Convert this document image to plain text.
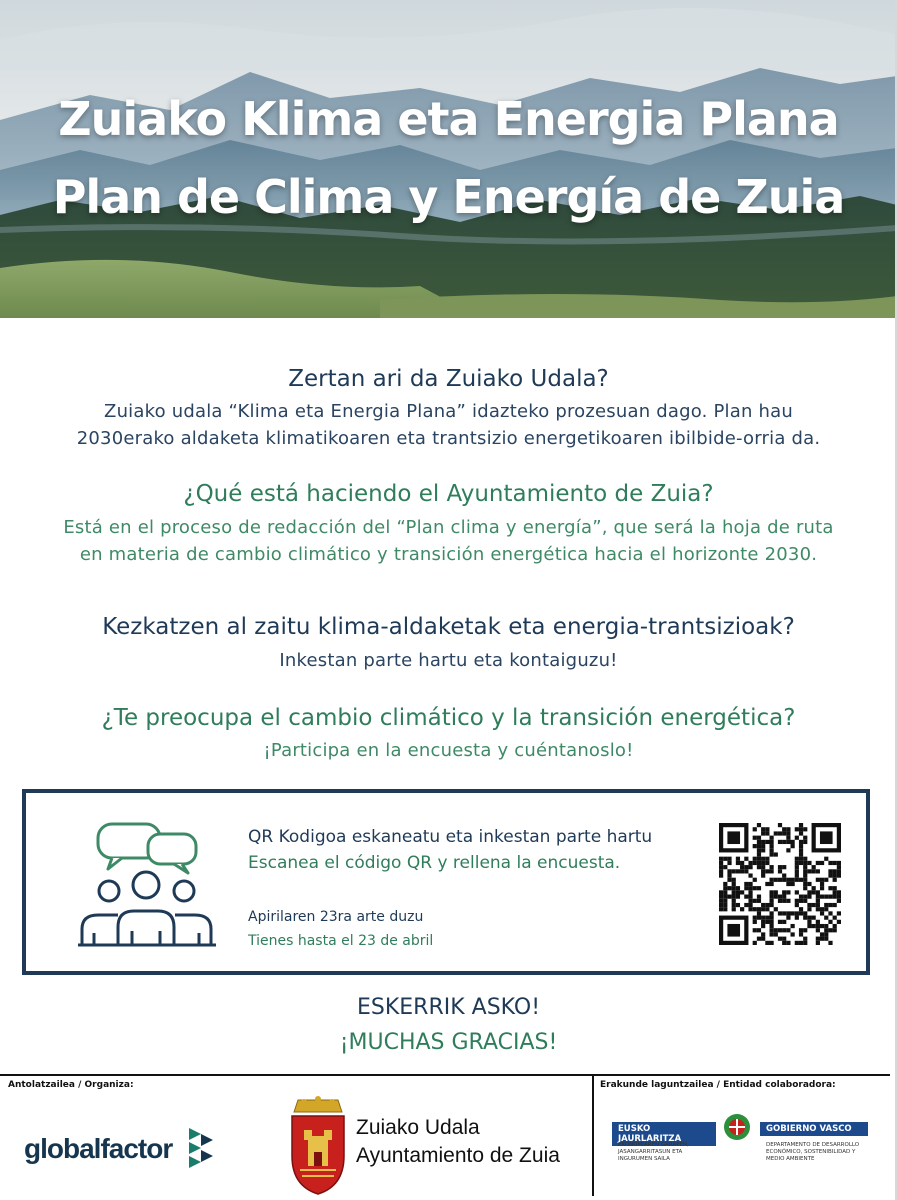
Zuiako Klima eta Energia Plana
Plan de Clima y Energía de Zuia
Zertan ari da Zuiako Udala?
Zuiako udala “Klima eta Energia Plana” idazteko prozesuan dago. Plan hau
2030erako aldaketa klimatikoaren eta trantsizio energetikoaren ibilbide-orria da.
¿Qué está haciendo el Ayuntamiento de Zuia?
Está en el proceso de redacción del “Plan clima y energía”, que será la hoja de ruta
en materia de cambio climático y transición energética hacia el horizonte 2030.
Kezkatzen al zaitu klima-aldaketak eta energia-trantsizioak?
Inkestan parte hartu eta kontaiguzu!
¿Te preocupa el cambio climático y la transición energética?
¡Participa en la encuesta y cuéntanoslo!
QR Kodigoa eskaneatu eta inkestan parte hartu
Escanea el código QR y rellena la encuesta.
Apirilaren 23ra arte duzu
Tienes hasta el 23 de abril
ESKERRIK ASKO!
¡MUCHAS GRACIAS!
Antolatzailea / Organiza:	Erakunde laguntzailea / Entidad colaboradora:
globalfactor
Zuiako Udala
Ayuntamiento de Zuia
EUSKO JAURLARITZA
GOBIERNO VASCO
EKONOMIAREN GARAPEN, JASANGARRITASUN ETA INGURUMEN SAILA
DEPARTAMENTO DE DESARROLLO ECONÓMICO, SOSTENIBILIDAD Y MEDIO AMBIENTE
